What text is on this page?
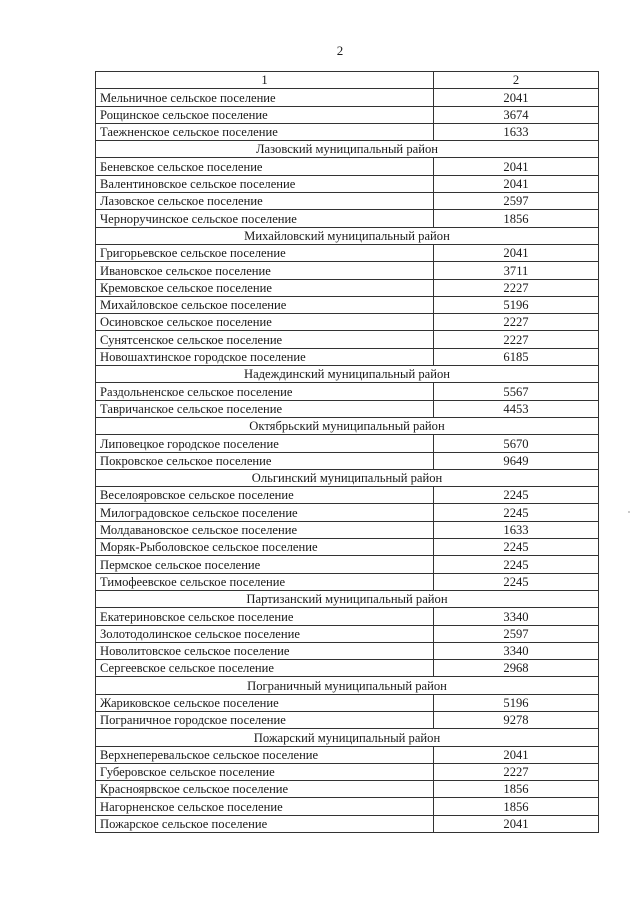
2
1	2
Мельничное сельское поселение	2041
Рощинское сельское поселение	3674
Таежненское сельское поселение	1633
Лазовский муниципальный район	
Беневское сельское поселение	2041
Валентиновское сельское поселение	2041
Лазовское сельское поселение	2597
Черноручинское сельское поселение	1856
Михайловский муниципальный район	
Григорьевское сельское поселение	2041
Ивановское сельское поселение	3711
Кремовское сельское поселение	2227
Михайловское сельское поселение	5196
Осиновское сельское поселение	2227
Сунятсенское сельское поселение	2227
Новошахтинское городское поселение	6185
Надеждинский муниципальный район	
Раздольненское сельское поселение	5567
Тавричанское сельское поселение	4453
Октябрьский муниципальный район	
Липовецкое городское поселение	5670
Покровское сельское поселение	9649
Ольгинский муниципальный район	
Веселояровское сельское поселение	2245
Милоградовское сельское поселение	2245
Молдавановское сельское поселение	1633
Моряк-Рыболовское сельское поселение	2245
Пермское сельское поселение	2245
Тимофеевское сельское поселение	2245
Партизанский муниципальный район	
Екатериновское сельское поселение	3340
Золотодолинское сельское поселение	2597
Новолитовское сельское поселение	3340
Сергеевское сельское поселение	2968
Пограничный муниципальный район	
Жариковское сельское поселение	5196
Пограничное городское поселение	9278
Пожарский муниципальный район	
Верхнеперевальское сельское поселение	2041
Губеровское сельское поселение	2227
Красноярвское сельское поселение	1856
Нагорненское сельское поселение	1856
Пожарское сельское поселение	2041
